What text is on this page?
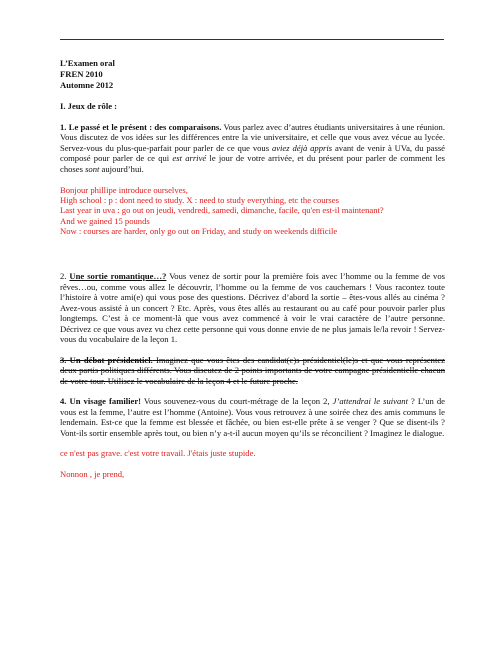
L’Examen oral

FREN 2010

Automne 2012

I. Jeux de rôle :

1. Le passé et le présent : des comparaisons. Vous parlez avec d’autres étudiants universitaires à une réunion. Vous discutez de vos idées sur les différences entre la vie universitaire, et celle que vous avez vécue au lycée. Servez-vous du plus-que-parfait pour parler de ce que vous aviez déjà appris avant de venir à UVa, du passé composé pour parler de ce qui est arrivé le jour de votre arrivée, et du présent pour parler de comment les choses sont aujourd’hui.

Bonjour phillipe introduce ourselves,
High school : p : dont need to study. X : need to study everything, etc the courses
Last year in uva : go out on jeudi, vendredi, samedi, dimanche, facile, qu'en est-il maintenant?
And we gained 15 pounds
Now : courses are harder, only go out on Friday, and study on weekends difficile

2. Une sortie romantique…? Vous venez de sortir pour la première fois avec l’homme ou la femme de vos rêves…ou, comme vous allez le découvrir, l’homme ou la femme de vos cauchemars ! Vous racontez toute l’histoire à votre ami(e) qui vous pose des questions. Décrivez d’abord la sortie – êtes-vous allés au cinéma ? Avez-vous assisté à un concert ? Etc. Après, vous êtes allés au restaurant ou au café pour pouvoir parler plus longtemps. C’est à ce moment-là que vous avez commencé à voir le vrai caractère de l’autre personne. Décrivez ce que vous avez vu chez cette personne qui vous donne envie de ne plus jamais le/la revoir ! Servez-vous du vocabulaire de la leçon 1.

3. Un débat présidentiel. Imaginez que vous êtes des candidat(e)s présidentiel(le)s et que vous représentez deux partis politiques différents. Vous discutez de 2 points importants de votre campagne présidentielle chacun de votre tour. Utilisez le vocabulaire de la leçon 4 et le future proche.

4. Un visage familier! Vous souvenez-vous du court-métrage de la leçon 2, J’attendrai le suivant ? L’un de vous est la femme, l’autre est l’homme (Antoine). Vous vous retrouvez à une soirée chez des amis communs le lendemain. Est-ce que la femme est blessée et fâchée, ou bien est-elle prête à se venger ? Que se disent-ils ? Vont-ils sortir ensemble après tout, ou bien n’y a-t-il aucun moyen qu’ils se réconcilient ? Imaginez le dialogue.

ce n'est pas grave. c'est votre travail. J'étais juste stupide.

Nonnon , je prend,
